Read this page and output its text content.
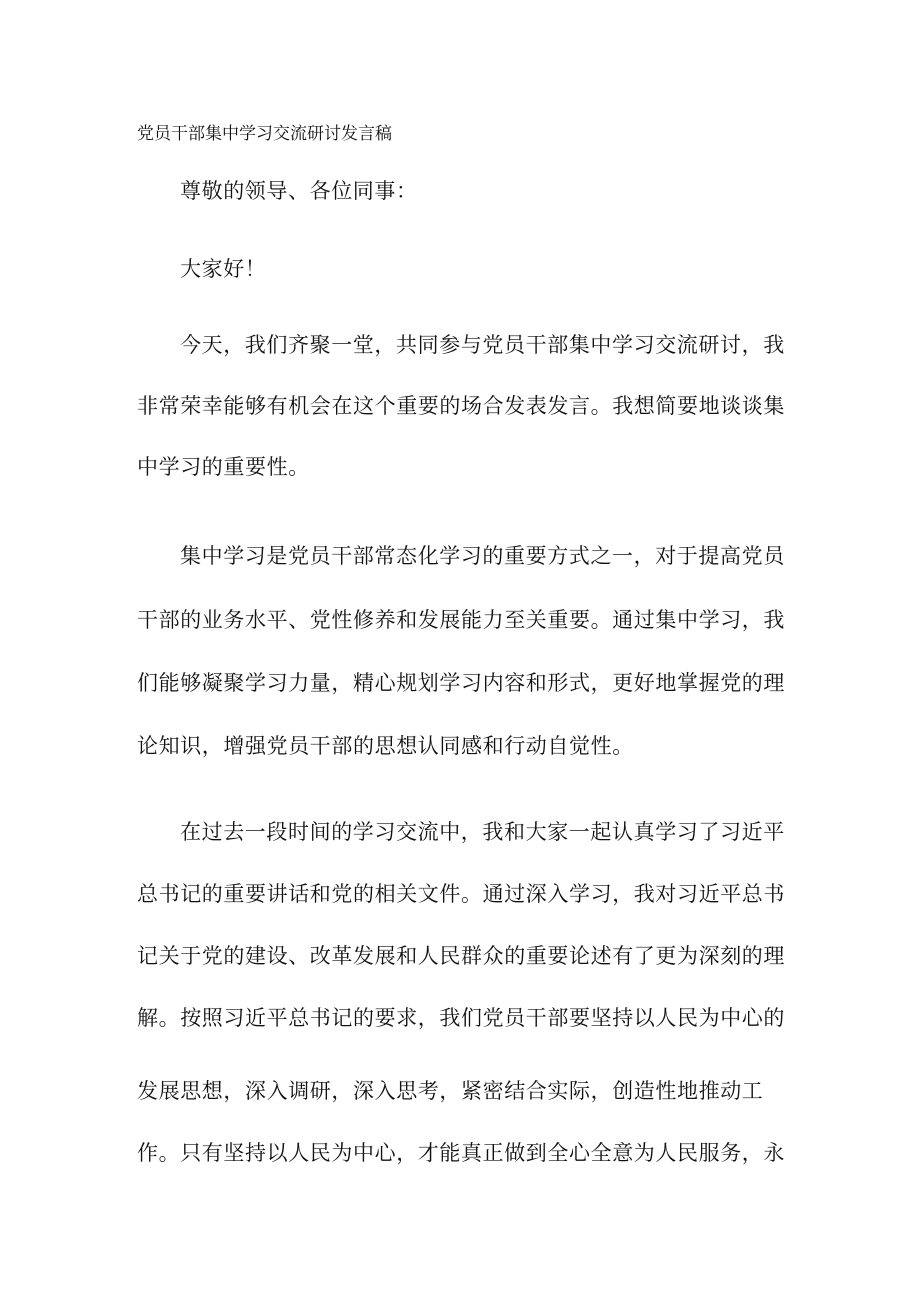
党员干部集中学习交流研讨发言稿
尊敬的领导、各位同事：
大家好！
今天，我们齐聚一堂，共同参与党员干部集中学习交流研讨，我
非常荣幸能够有机会在这个重要的场合发表发言。我想简要地谈谈集
中学习的重要性。
集中学习是党员干部常态化学习的重要方式之一，对于提高党员
干部的业务水平、党性修养和发展能力至关重要。通过集中学习，我
们能够凝聚学习力量，精心规划学习内容和形式，更好地掌握党的理
论知识，增强党员干部的思想认同感和行动自觉性。
在过去一段时间的学习交流中，我和大家一起认真学习了习近平
总书记的重要讲话和党的相关文件。通过深入学习，我对习近平总书
记关于党的建设、改革发展和人民群众的重要论述有了更为深刻的理
解。按照习近平总书记的要求，我们党员干部要坚持以人民为中心的
发展思想，深入调研，深入思考，紧密结合实际，创造性地推动工
作。只有坚持以人民为中心，才能真正做到全心全意为人民服务，永
